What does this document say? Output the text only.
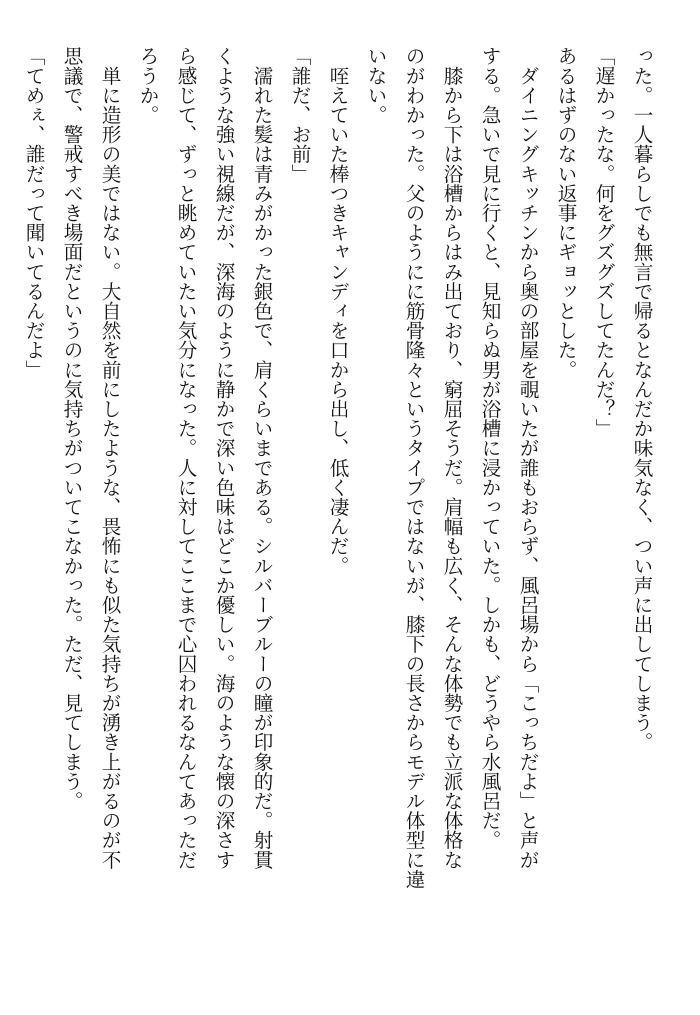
った。一人暮らしでも無言で帰るとなんだか味気なく、つい声に出してしまう。
「遅かったな。何をグズグズしてたんだ？」
あるはずのない返事にギョッとした。
　ダイニングキッチンから奥の部屋を覗いたが誰もおらず、風呂場から「こっちだよ」と声が
する。急いで見に行くと、見知らぬ男が浴槽に浸かっていた。しかも、どうやら水風呂だ。
　膝から下は浴槽からはみ出ており、窮屈そうだ。肩幅も広く、そんな体勢でも立派な体格な
のがわかった。父のようにに筋骨隆々というタイプではないが、膝下の長さからモデル体型に違
いない。
　咥えていた棒つきキャンディを口から出し、低く凄んだ。
「誰だ、お前」
　濡れた髪は青みがかった銀色で、肩くらいまである。シルバーブルーの瞳が印象的だ。射貫
くような強い視線だが、深海のように静かで深い色味はどこか優しい。海のような懐の深さす
ら感じて、ずっと眺めていたい気分になった。人に対してここまで心囚われるなんてあっただ
ろうか。
　単に造形の美ではない。大自然を前にしたような、畏怖にも似た気持ちが湧き上がるのが不
思議で、警戒すべき場面だというのに気持ちがついてこなかった。ただ、見てしまう。
「てめぇ、誰だって聞いてるんだよ」
